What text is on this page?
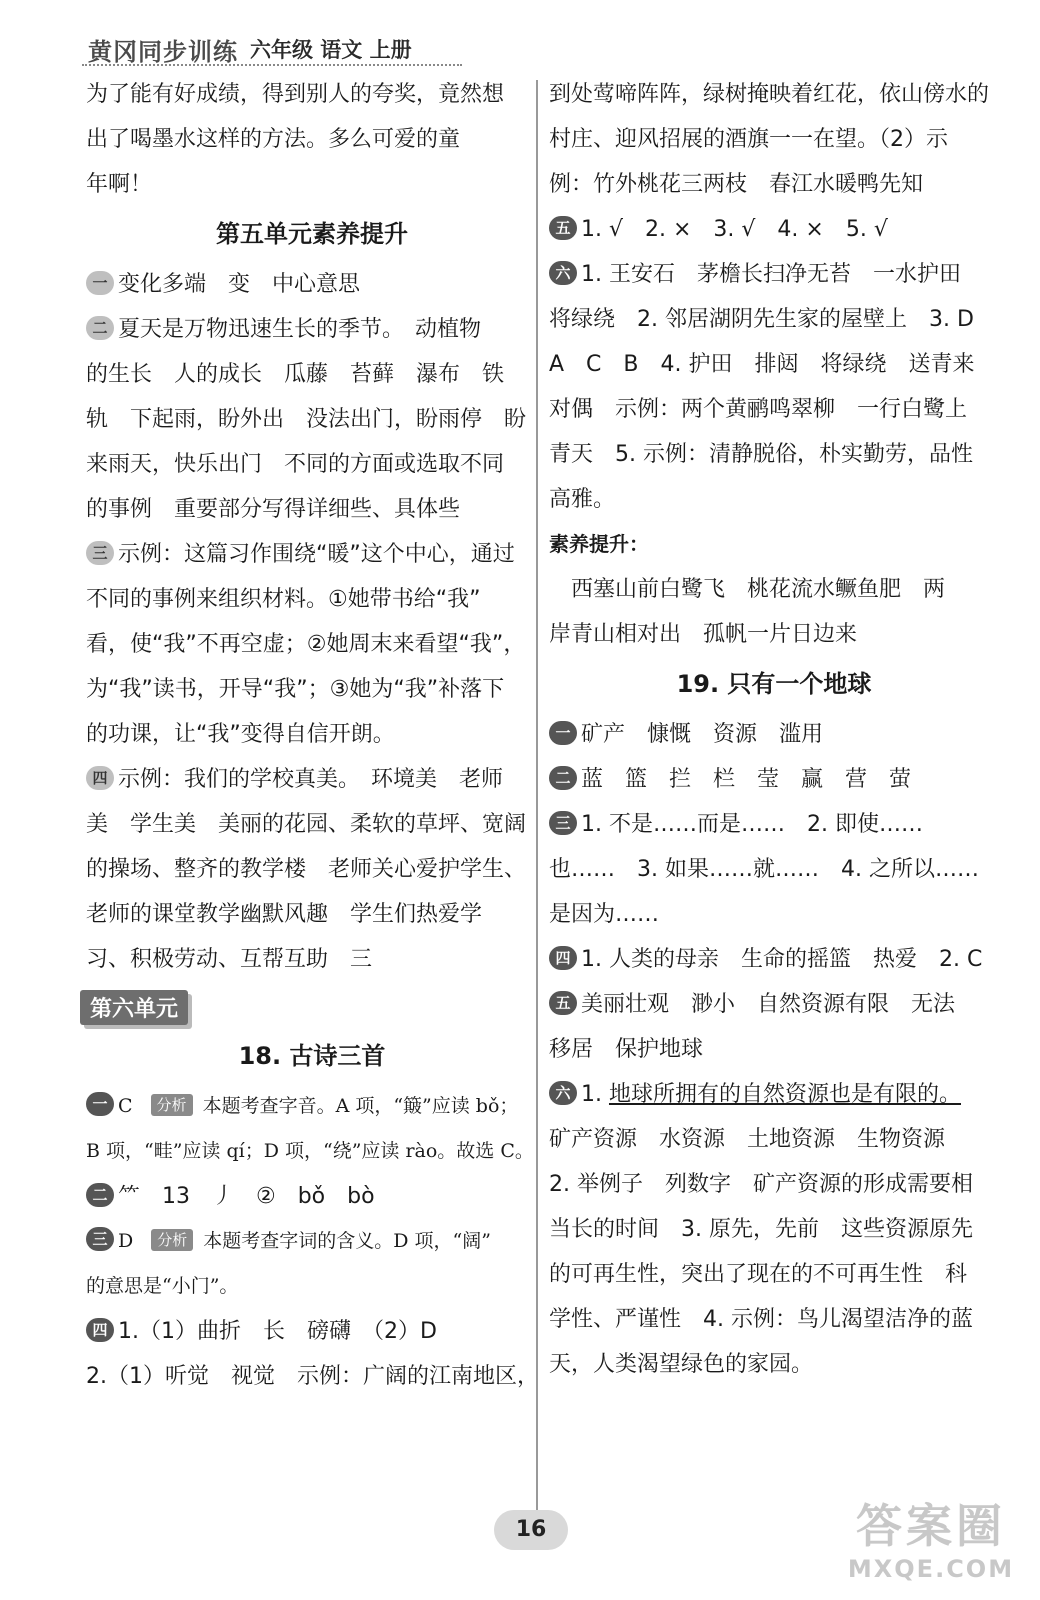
黄冈同步训练 六年级 语文 上册
为了能有好成绩，得到别人的夸奖，竟然想
出了喝墨水这样的方法。多么可爱的童
年啊！
第五单元素养提升
一 变化多端　变　中心意思
二 夏天是万物迅速生长的季节。　动植物
的生长　人的成长　瓜藤　苔藓　瀑布　铁
轨　下起雨，盼外出　没法出门，盼雨停　盼
来雨天，快乐出门　不同的方面或选取不同
的事例　重要部分写得详细些、具体些
三 示例：这篇习作围绕“暖”这个中心，通过
不同的事例来组织材料。①她带书给“我”
看，使“我”不再空虚；②她周末来看望“我”，
为“我”读书，开导“我”；③她为“我”补落下
的功课，让“我”变得自信开朗。
四 示例：我们的学校真美。　环境美　老师
美　学生美　美丽的花园、柔软的草坪、宽阔
的操场、整齐的教学楼　老师关心爱护学生、
老师的课堂教学幽默风趣　学生们热爱学
习、积极劳动、互帮互助　三
第六单元
18. 古诗三首
一 C 分析 本题考查字音。A 项，“簸”应读 bǒ；
B 项，“畦”应读 qí；D 项，“绕”应读 rào。故选 C。
二 ⺮　13　丿　②　bǒ　bò
三 D 分析 本题考查字词的含义。D 项，“阔”
的意思是“小门”。
四 1.（1）曲折　长　磅礴　（2）D
2.（1）听觉　视觉　示例：广阔的江南地区，
到处莺啼阵阵，绿树掩映着红花，依山傍水的
村庄、迎风招展的酒旗一一在望。（2）示
例：竹外桃花三两枝　春江水暖鸭先知
五 1. √　2. ×　3. √　4. ×　5. √
六 1. 王安石　茅檐长扫净无苔　一水护田
将绿绕　2. 邻居湖阴先生家的屋壁上　3. D
A　C　B　4. 护田　排闼　将绿绕　送青来
对偶　示例：两个黄鹂鸣翠柳　一行白鹭上
青天　5. 示例：清静脱俗，朴实勤劳，品性
高雅。
素养提升：
　西塞山前白鹭飞　桃花流水鳜鱼肥　两
岸青山相对出　孤帆一片日边来
19. 只有一个地球
一 矿产　慷慨　资源　滥用
二 蓝　篮　拦　栏　莹　赢　营　萤
三 1. 不是……而是……　2. 即使……
也……　3. 如果……就……　4. 之所以……
是因为……
四 1. 人类的母亲　生命的摇篮　热爱　2. C
五 美丽壮观　渺小　自然资源有限　无法
移居　保护地球
六 1. 地球所拥有的自然资源也是有限的。
矿产资源　水资源　土地资源　生物资源
2. 举例子　列数字　矿产资源的形成需要相
当长的时间　3. 原先，先前　这些资源原先
的可再生性，突出了现在的不可再生性　科
学性、严谨性　4. 示例：鸟儿渴望洁净的蓝
天，人类渴望绿色的家园。
16	答案圈
MXQE.COM
